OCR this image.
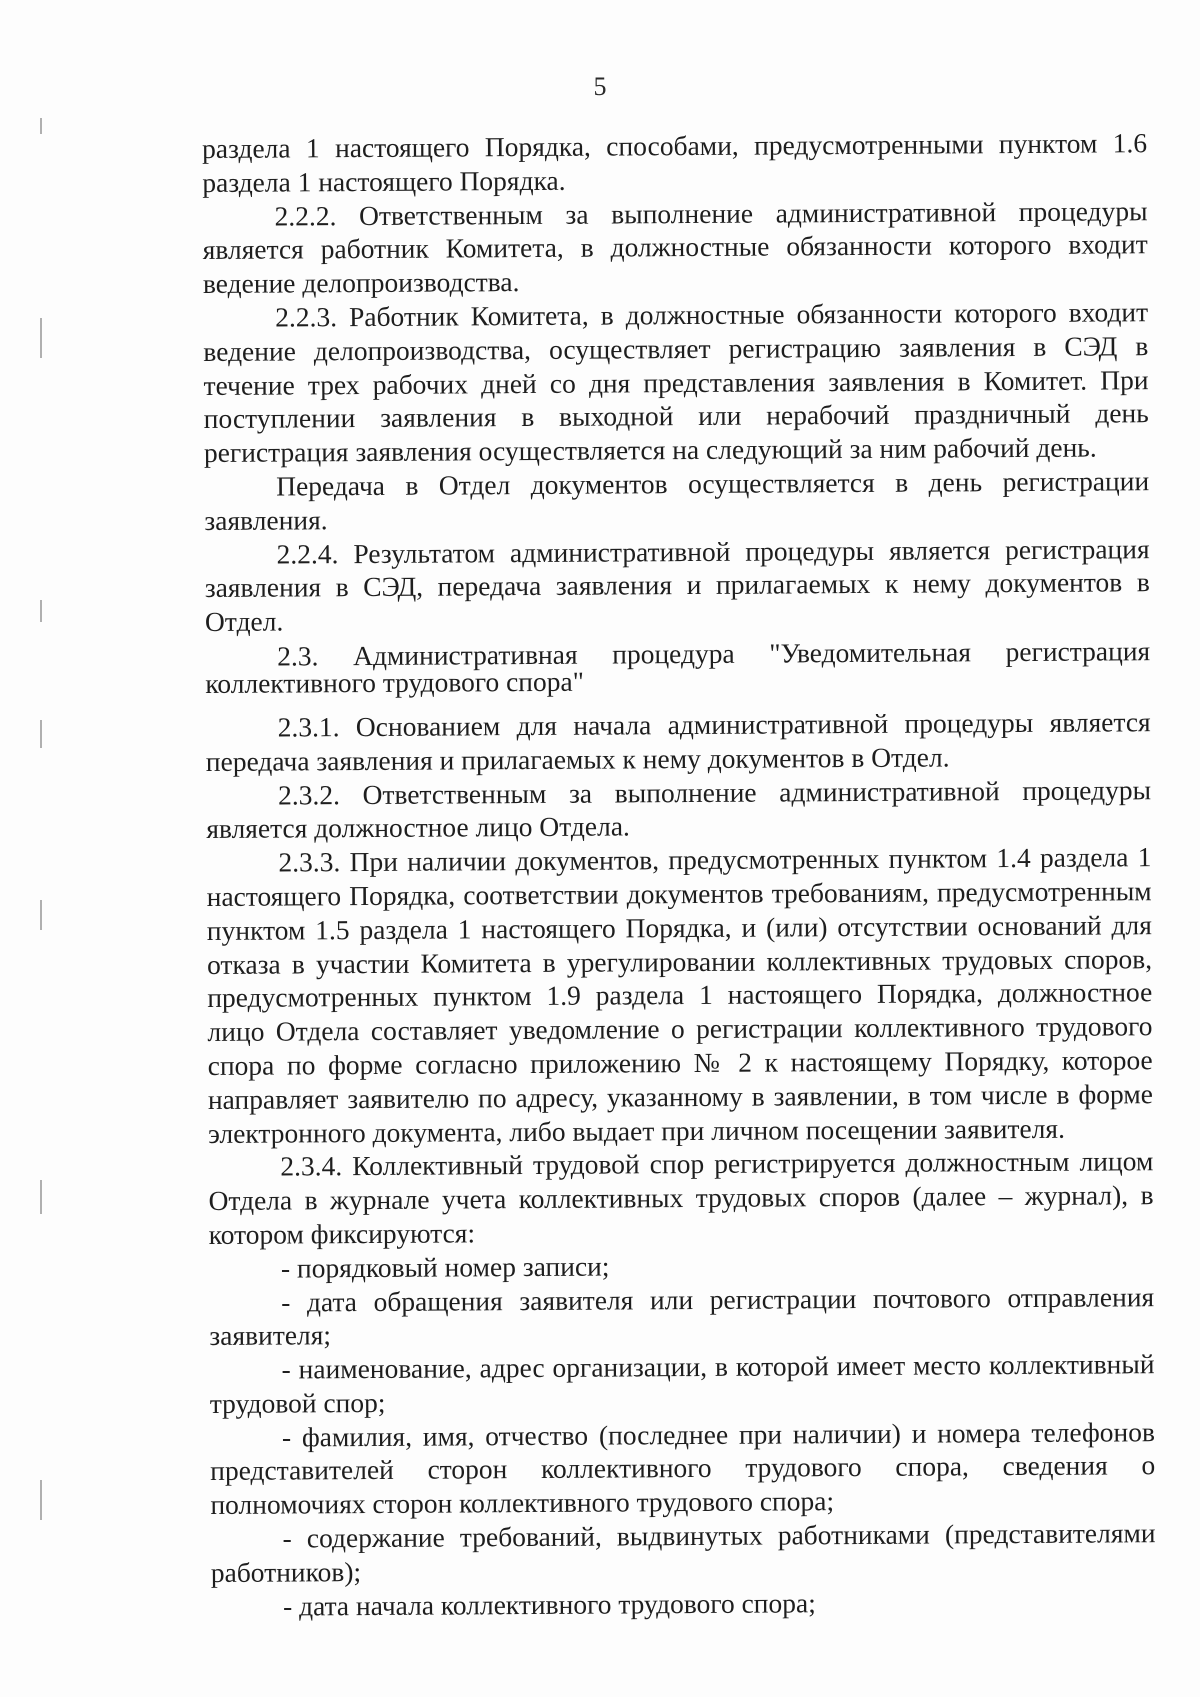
5

раздела 1 настоящего Порядка, способами, предусмотренными пунктом 1.6 раздела 1 настоящего Порядка.

2.2.2. Ответственным за выполнение административной процедуры является работник Комитета, в должностные обязанности которого входит ведение делопроизводства.

2.2.3. Работник Комитета, в должностные обязанности которого входит ведение делопроизводства, осуществляет регистрацию заявления в СЭД в течение трех рабочих дней со дня представления заявления в Комитет. При поступлении заявления в выходной или нерабочий праздничный день регистрация заявления осуществляется на следующий за ним рабочий день.

Передача в Отдел документов осуществляется в день регистрации заявления.

2.2.4. Результатом административной процедуры является регистрация заявления в СЭД, передача заявления и прилагаемых к нему документов в Отдел.

2.3. Административная процедура "Уведомительная регистрация
коллективного трудового спора"

2.3.1. Основанием для начала административной процедуры является передача заявления и прилагаемых к нему документов в Отдел.

2.3.2. Ответственным за выполнение административной процедуры является должностное лицо Отдела.

2.3.3. При наличии документов, предусмотренных пунктом 1.4 раздела 1 настоящего Порядка, соответствии документов требованиям, предусмотренным пунктом 1.5 раздела 1 настоящего Порядка, и (или) отсутствии оснований для отказа в участии Комитета в урегулировании коллективных трудовых споров, предусмотренных пунктом 1.9 раздела 1 настоящего Порядка, должностное лицо Отдела составляет уведомление о регистрации коллективного трудового спора по форме согласно приложению № 2 к настоящему Порядку, которое направляет заявителю по адресу, указанному в заявлении, в том числе в форме электронного документа, либо выдает при личном посещении заявителя.

2.3.4. Коллективный трудовой спор регистрируется должностным лицом Отдела в журнале учета коллективных трудовых споров (далее – журнал), в котором фиксируются:

- порядковый номер записи;

- дата обращения заявителя или регистрации почтового отправления заявителя;

- наименование, адрес организации, в которой имеет место коллективный трудовой спор;

- фамилия, имя, отчество (последнее при наличии) и номера телефонов представителей сторон коллективного трудового спора, сведения о полномочиях сторон коллективного трудового спора;

- содержание требований, выдвинутых работниками (представителями работников);

- дата начала коллективного трудового спора;
